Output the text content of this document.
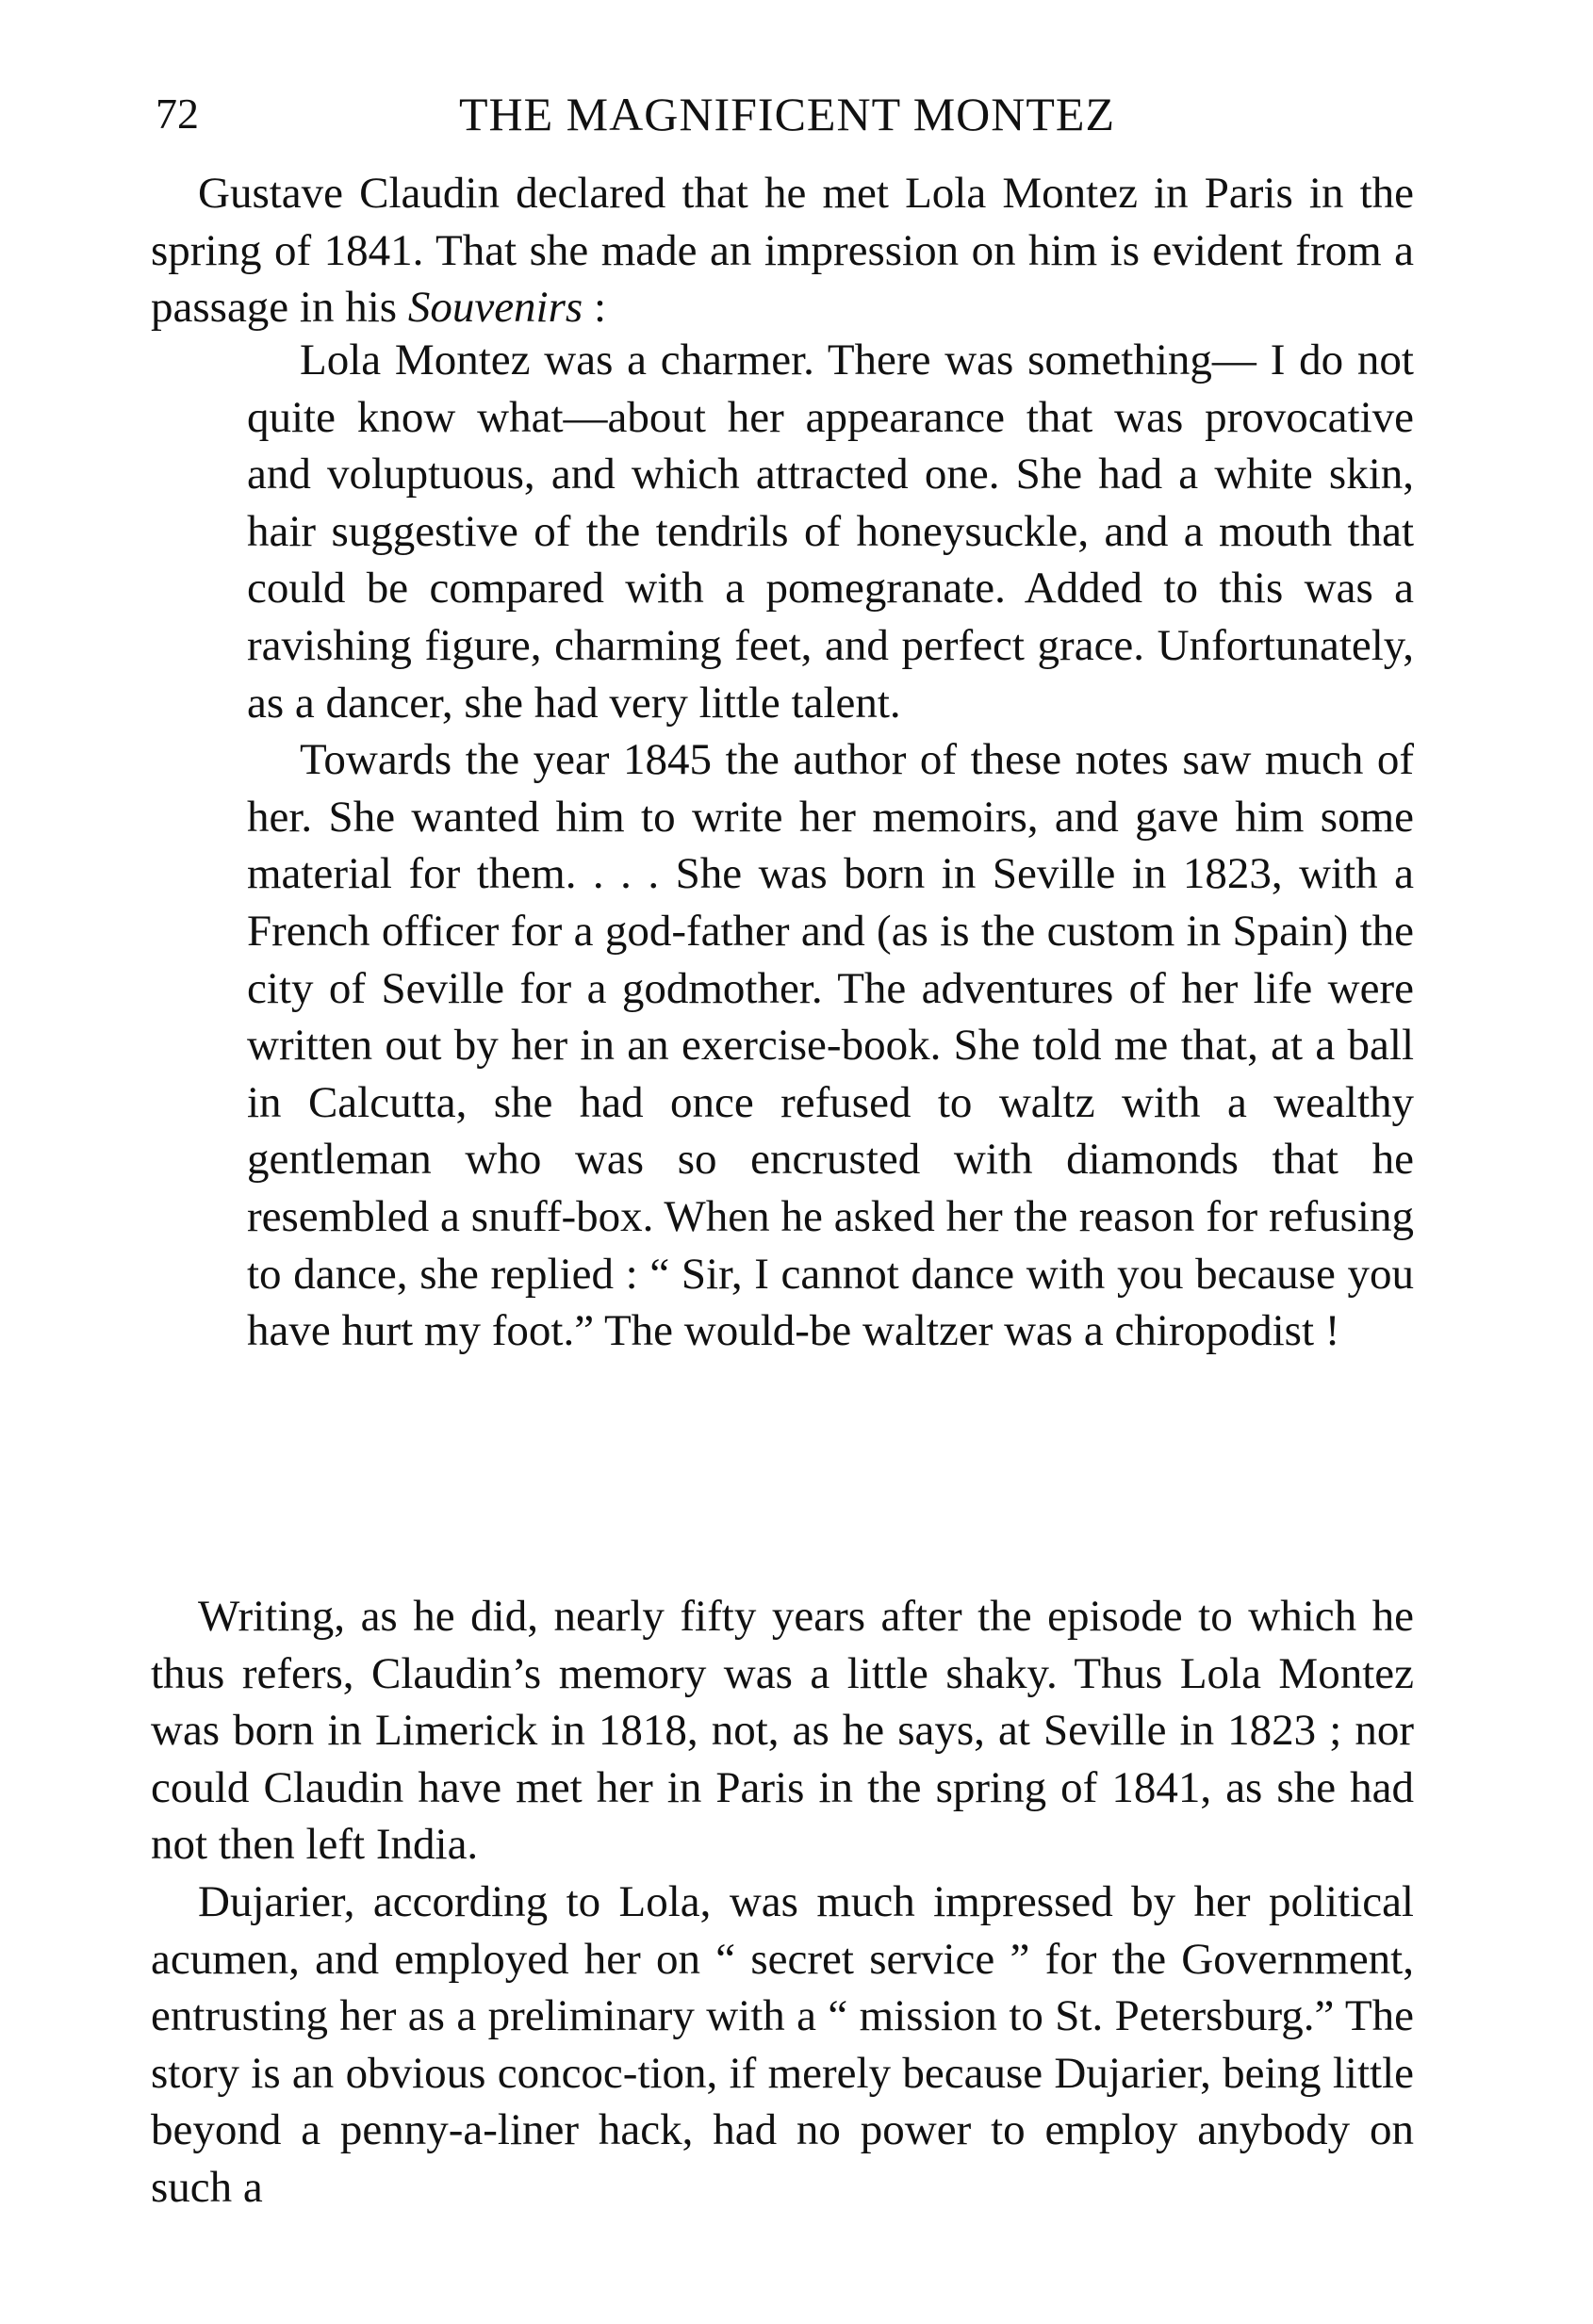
72	THE MAGNIFICENT MONTEZ

Gustave Claudin declared that he met Lola Montez in Paris in the spring of 1841. That she made an impression on him is evident from a passage in his Souvenirs :

Lola Montez was a charmer. There was something— I do not quite know what—about her appearance that was provocative and voluptuous, and which attracted one. She had a white skin, hair suggestive of the tendrils of honeysuckle, and a mouth that could be compared with a pomegranate. Added to this was a ravishing figure, charming feet, and perfect grace. Unfortunately, as a dancer, she had very little talent.

Towards the year 1845 the author of these notes saw much of her. She wanted him to write her memoirs, and gave him some material for them. . . . She was born in Seville in 1823, with a French officer for a god-father and (as is the custom in Spain) the city of Seville for a godmother. The adventures of her life were written out by her in an exercise-book. She told me that, at a ball in Calcutta, she had once refused to waltz with a wealthy gentleman who was so encrusted with diamonds that he resembled a snuff-box. When he asked her the reason for refusing to dance, she replied : “ Sir, I cannot dance with you because you have hurt my foot.” The would-be waltzer was a chiropodist !

Writing, as he did, nearly fifty years after the episode to which he thus refers, Claudin’s memory was a little shaky. Thus Lola Montez was born in Limerick in 1818, not, as he says, at Seville in 1823 ; nor could Claudin have met her in Paris in the spring of 1841, as she had not then left India.

Dujarier, according to Lola, was much impressed by her political acumen, and employed her on “ secret service ” for the Government, entrusting her as a preliminary with a “ mission to St. Petersburg.” The story is an obvious concoc-tion, if merely because Dujarier, being little beyond a penny-a-liner hack, had no power to employ anybody on such a
